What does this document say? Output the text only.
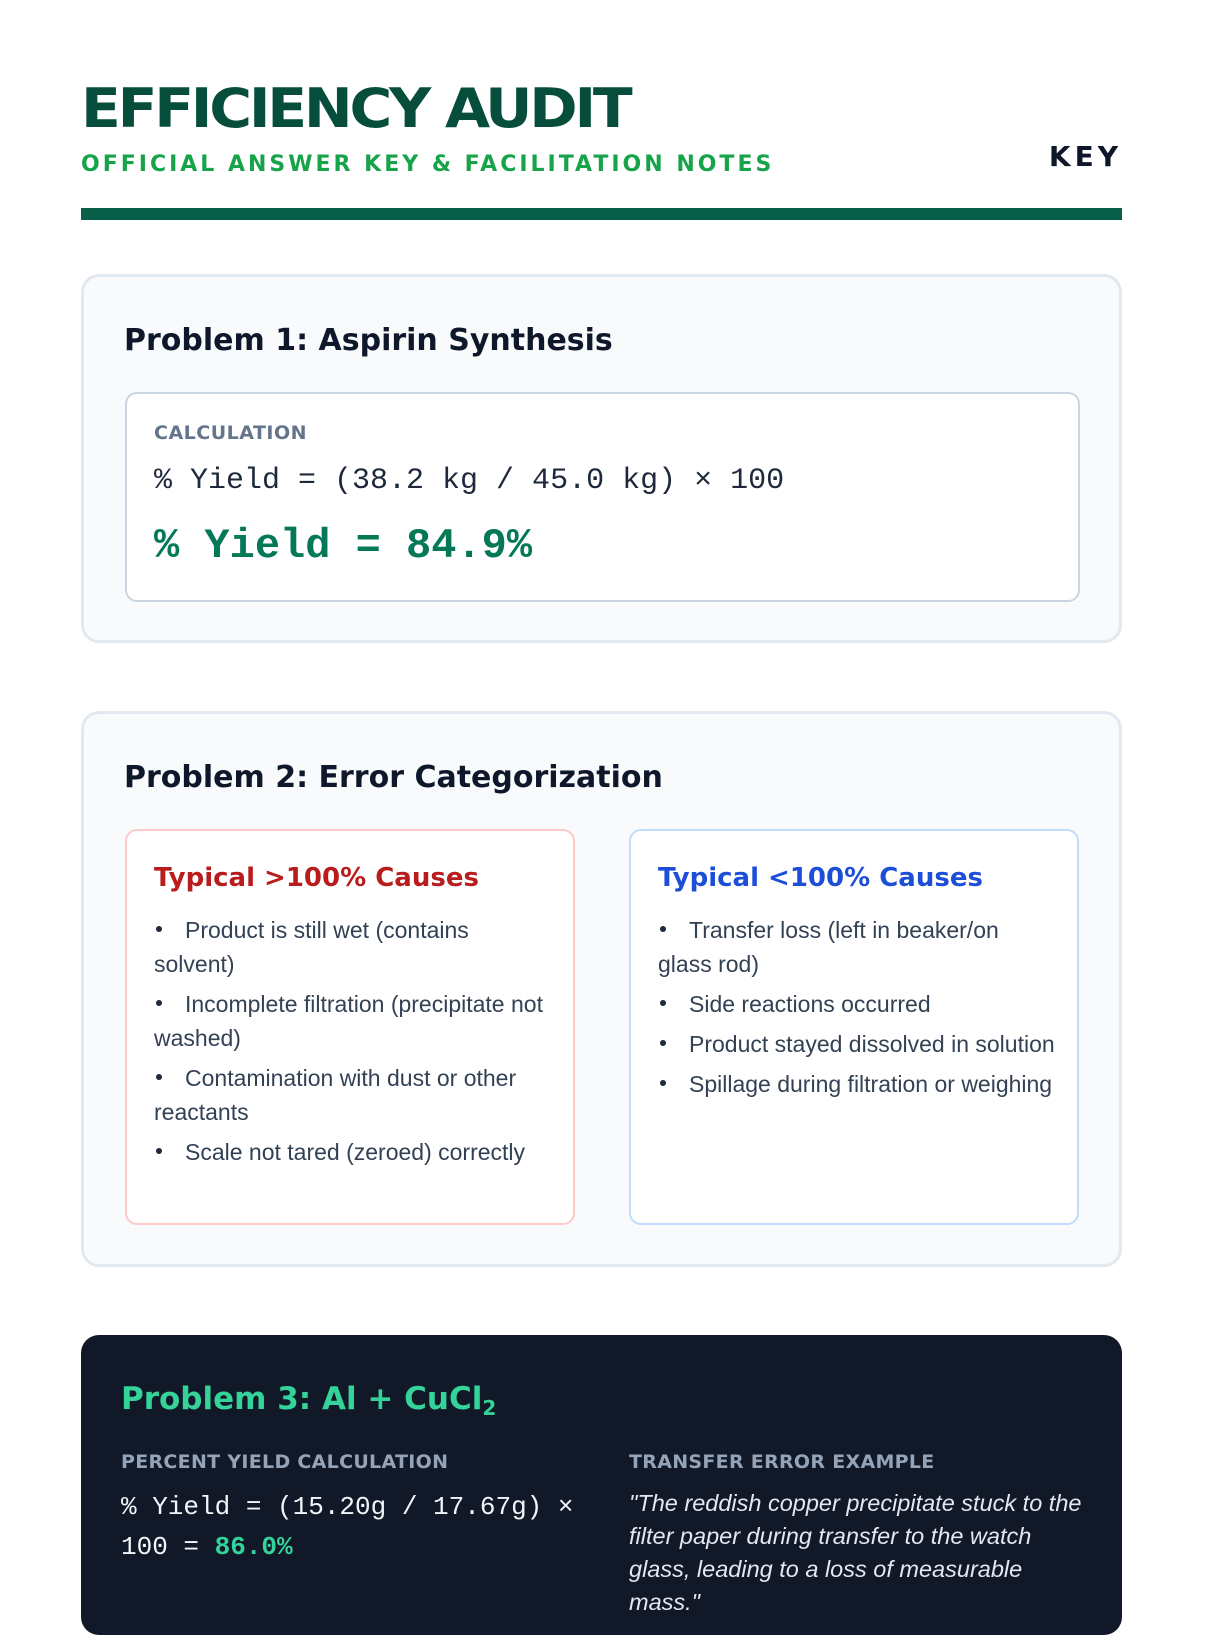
EFFICIENCY AUDIT
OFFICIAL ANSWER KEY & FACILITATION NOTES	KEY
Problem 1: Aspirin Synthesis
CALCULATION
% Yield = (38.2 kg / 45.0 kg) × 100
% Yield = 84.9%
Problem 2: Error Categorization
Typical >100% Causes
Product is still wet (contains solvent)
Incomplete filtration (precipitate not washed)
Contamination with dust or other reactants
Scale not tared (zeroed) correctly
Typical <100% Causes
Transfer loss (left in beaker/on glass rod)
Side reactions occurred
Product stayed dissolved in solution
Spillage during filtration or weighing
Problem 3: Al + CuCl$_2$
PERCENT YIELD CALCULATION	TRANSFER ERROR EXAMPLE
% Yield = (15.20g / 17.67g) × 100 = 86.0%
"The reddish copper precipitate stuck to the filter paper during transfer to the watch glass, leading to a loss of measurable mass."
